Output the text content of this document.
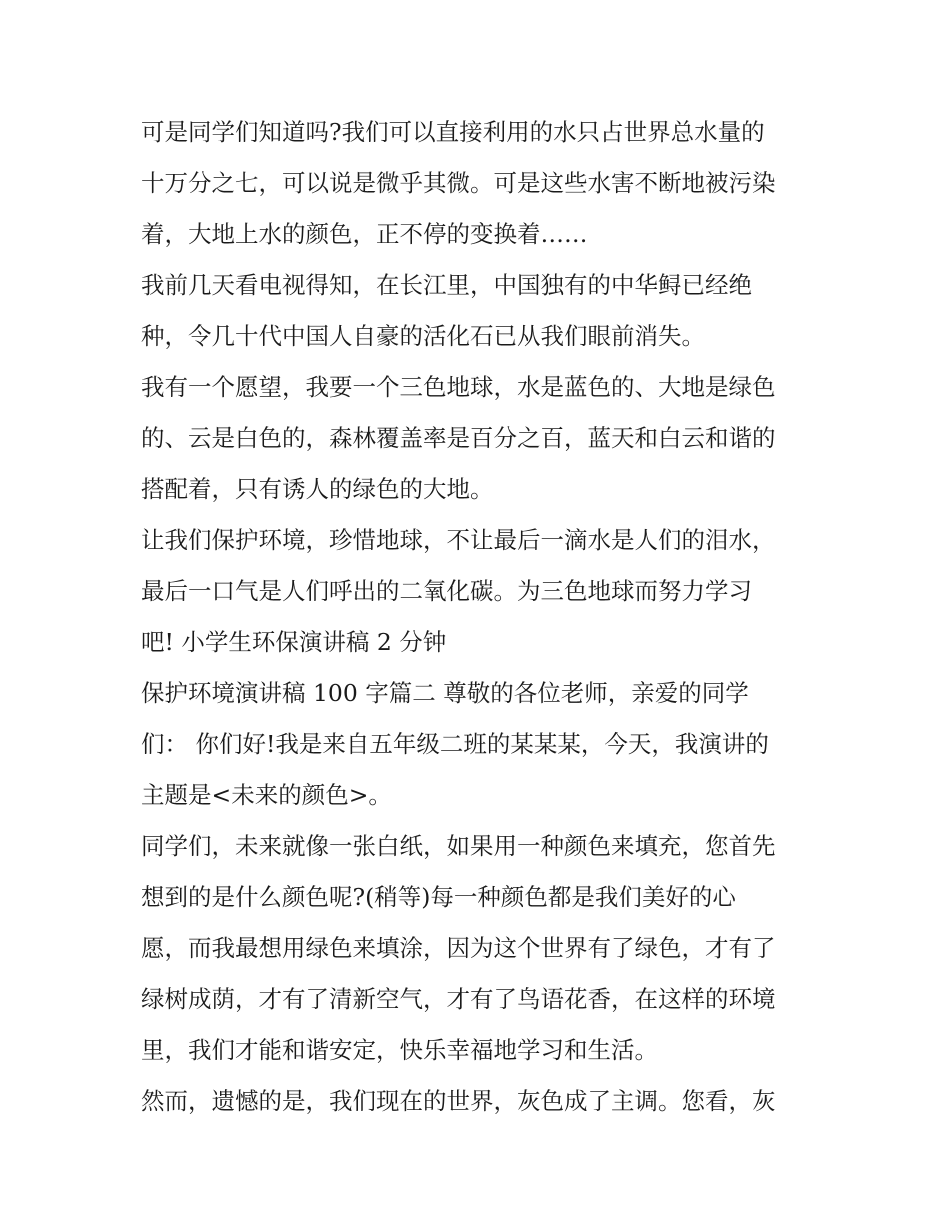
可是同学们知道吗?我们可以直接利用的水只占世界总水量的
十万分之七，可以说是微乎其微。可是这些水害不断地被污染
着，大地上水的颜色，正不停的变换着……
我前几天看电视得知，在长江里，中国独有的中华鲟已经绝
种，令几十代中国人自豪的活化石已从我们眼前消失。
我有一个愿望，我要一个三色地球，水是蓝色的、大地是绿色
的、云是白色的，森林覆盖率是百分之百，蓝天和白云和谐的
搭配着，只有诱人的绿色的大地。
让我们保护环境，珍惜地球，不让最后一滴水是人们的泪水，
最后一口气是人们呼出的二氧化碳。为三色地球而努力学习
吧! 小学生环保演讲稿 2 分钟
保护环境演讲稿 100 字篇二 尊敬的各位老师，亲爱的同学
们： 你们好!我是来自五年级二班的某某某，今天，我演讲的
主题是<未来的颜色>。
同学们，未来就像一张白纸，如果用一种颜色来填充，您首先
想到的是什么颜色呢?(稍等)每一种颜色都是我们美好的心
愿，而我最想用绿色来填涂，因为这个世界有了绿色，才有了
绿树成荫，才有了清新空气，才有了鸟语花香，在这样的环境
里，我们才能和谐安定，快乐幸福地学习和生活。
然而，遗憾的是，我们现在的世界，灰色成了主调。您看，灰
